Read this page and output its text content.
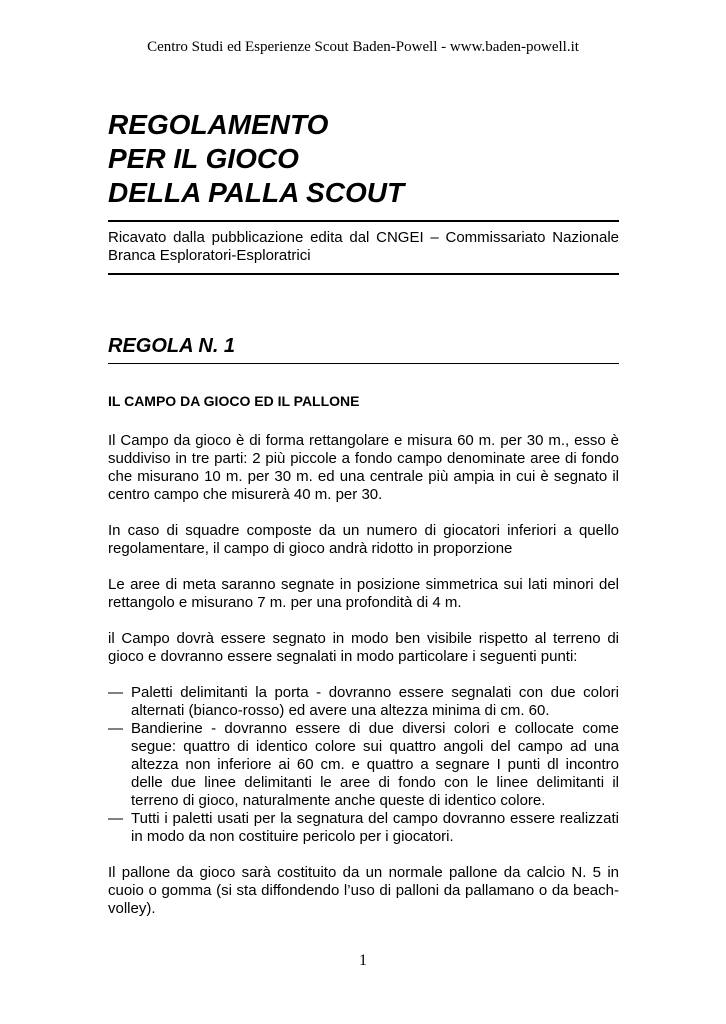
Centro Studi ed Esperienze Scout Baden-Powell - www.baden-powell.it
REGOLAMENTO
PER IL GIOCO
DELLA PALLA SCOUT
Ricavato dalla pubblicazione edita dal CNGEI – Commissariato Nazionale Branca Esploratori-Esploratrici
REGOLA N. 1
IL CAMPO DA GIOCO ED IL PALLONE

Il Campo da gioco è di forma rettangolare e misura 60 m. per 30 m., esso è suddiviso in tre parti: 2 più piccole a fondo campo denominate aree di fondo che misurano 10 m. per 30 m. ed una centrale più ampia in cui è segnato il centro campo che misurerà 40 m. per 30.

In caso di squadre composte da un numero di giocatori inferiori a quello regolamentare, il campo di gioco andrà ridotto in proporzione

Le aree di meta saranno segnate in posizione simmetrica sui lati minori del rettangolo e misurano 7 m. per una profondità di 4 m.

il Campo dovrà essere segnato in modo ben visibile rispetto al terreno di gioco e dovranno essere segnalati in modo particolare i seguenti punti:

— Paletti delimitanti la porta - dovranno essere segnalati con due colori alternati (bianco-rosso) ed avere una altezza minima di cm. 60.
— Bandierine - dovranno essere di due diversi colori e collocate come segue: quattro di identico colore sui quattro angoli del campo ad una altezza non inferiore ai 60 cm. e quattro a segnare I punti dl incontro delle due linee delimitanti le aree di fondo con le linee delimitanti il terreno di gioco, naturalmente anche queste di identico colore.
— Tutti i paletti usati per la segnatura del campo dovranno essere realizzati in modo da non costituire pericolo per i giocatori.

Il pallone da gioco sarà costituito da un normale pallone da calcio N. 5 in cuoio o gomma (si sta diffondendo l’uso di palloni da pallamano o da beach-volley).

1
